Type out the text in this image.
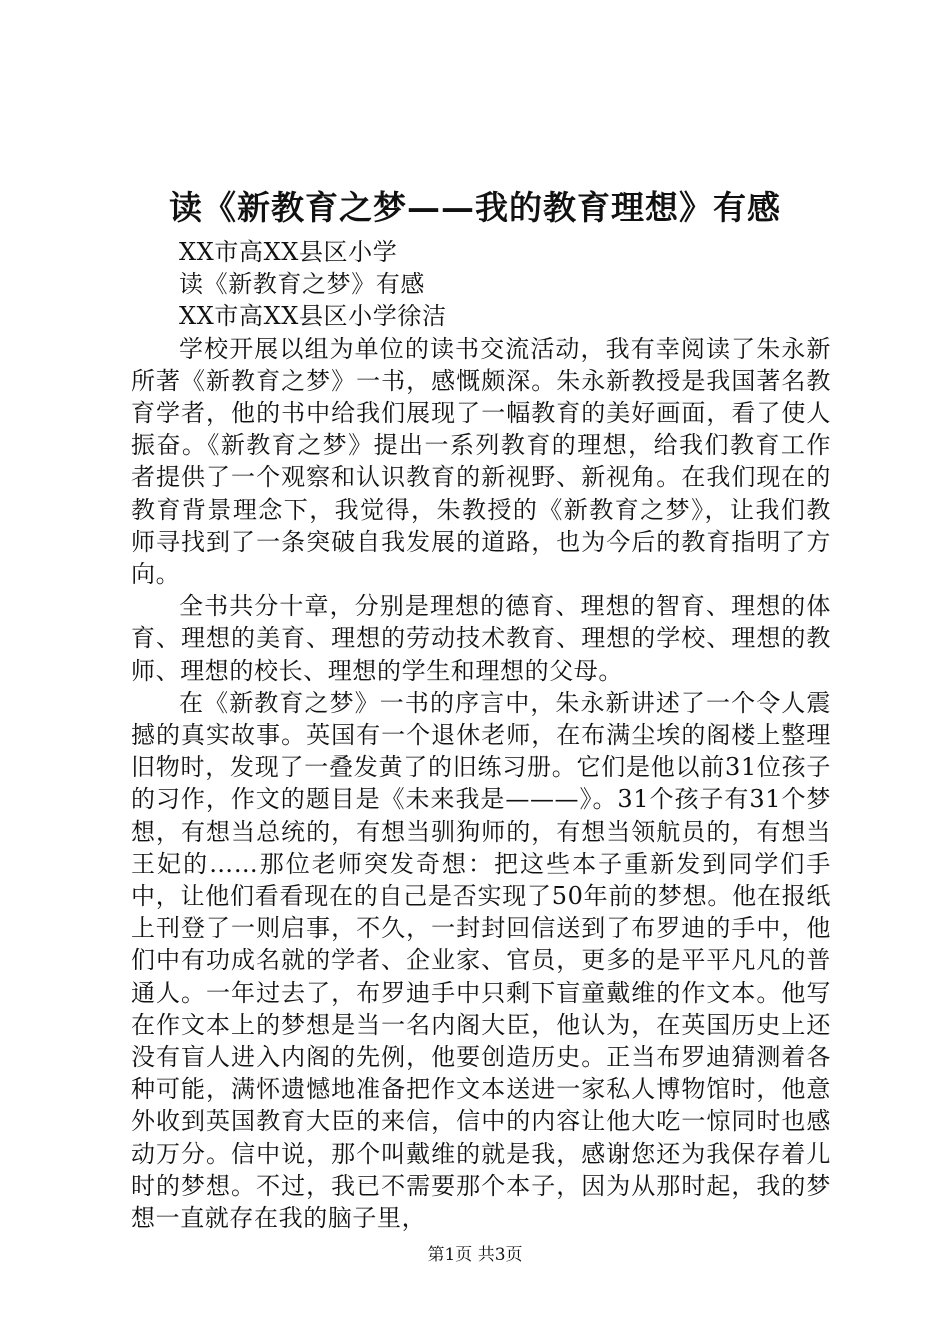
读《新教育之梦——我的教育理想》有感
XX市高XX县区小学
读《新教育之梦》有感
XX市高XX县区小学徐洁

学校开展以组为单位的读书交流活动，我有幸阅读了朱永新所著《新教育之梦》一书，感慨颇深。朱永新教授是我国著名教育学者，他的书中给我们展现了一幅教育的美好画面，看了使人振奋。《新教育之梦》提出一系列教育的理想，给我们教育工作者提供了一个观察和认识教育的新视野、新视角。在我们现在的教育背景理念下，我觉得，朱教授的《新教育之梦》，让我们教师寻找到了一条突破自我发展的道路，也为今后的教育指明了方向。

全书共分十章，分别是理想的德育、理想的智育、理想的体育、理想的美育、理想的劳动技术教育、理想的学校、理想的教师、理想的校长、理想的学生和理想的父母。

在《新教育之梦》一书的序言中，朱永新讲述了一个令人震撼的真实故事。英国有一个退休老师，在布满尘埃的阁楼上整理旧物时，发现了一叠发黄了的旧练习册。它们是他以前31位孩子的习作，作文的题目是《未来我是———》。31个孩子有31个梦想，有想当总统的，有想当驯狗师的，有想当领航员的，有想当王妃的……那位老师突发奇想：把这些本子重新发到同学们手中，让他们看看现在的自己是否实现了50年前的梦想。他在报纸上刊登了一则启事，不久，一封封回信送到了布罗迪的手中，他们中有功成名就的学者、企业家、官员，更多的是平平凡凡的普通人。一年过去了，布罗迪手中只剩下盲童戴维的作文本。他写在作文本上的梦想是当一名内阁大臣，他认为，在英国历史上还没有盲人进入内阁的先例，他要创造历史。正当布罗迪猜测着各种可能，满怀遗憾地准备把作文本送进一家私人博物馆时，他意外收到英国教育大臣的来信，信中的内容让他大吃一惊同时也感动万分。信中说，那个叫戴维的就是我，感谢您还为我保存着儿时的梦想。不过，我已不需要那个本子，因为从那时起，我的梦想一直就存在我的脑子里，

第1页 共3页
